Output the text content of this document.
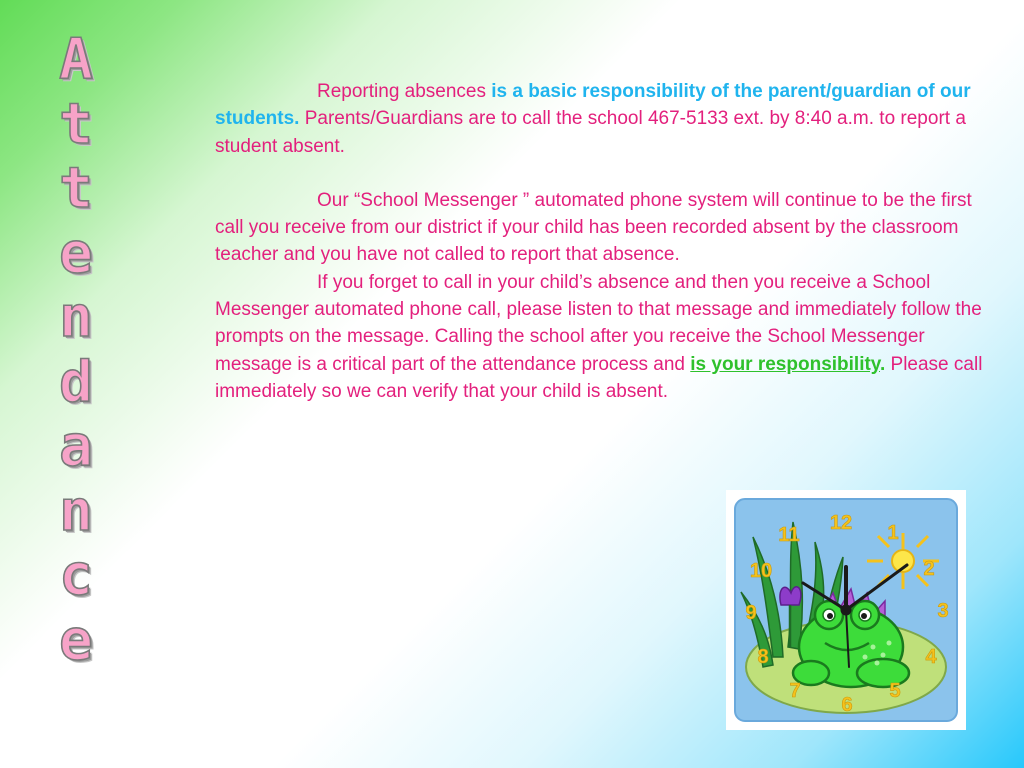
A
t
t
e
n
d
a
n
c
e

Reporting absences is a basic responsibility of the parent/guardian of our students. Parents/Guardians are to call the school 467-5133 ext. by 8:40 a.m. to report a student absent.

Our “School Messenger ” automated phone system will continue to be the first call you receive from our district if your child has been recorded absent by the classroom teacher and you have not called to report that absence.

If you forget to call in your child’s absence and then you receive a School Messenger automated phone call, please listen to that message and immediately follow the prompts on the message. Calling the school after you receive the School Messenger message is a critical part of the attendance process and is your responsibility. Please call immediately so we can verify that your child is absent.

12 1
2
3
4
5
6
7
8
9
10
11
